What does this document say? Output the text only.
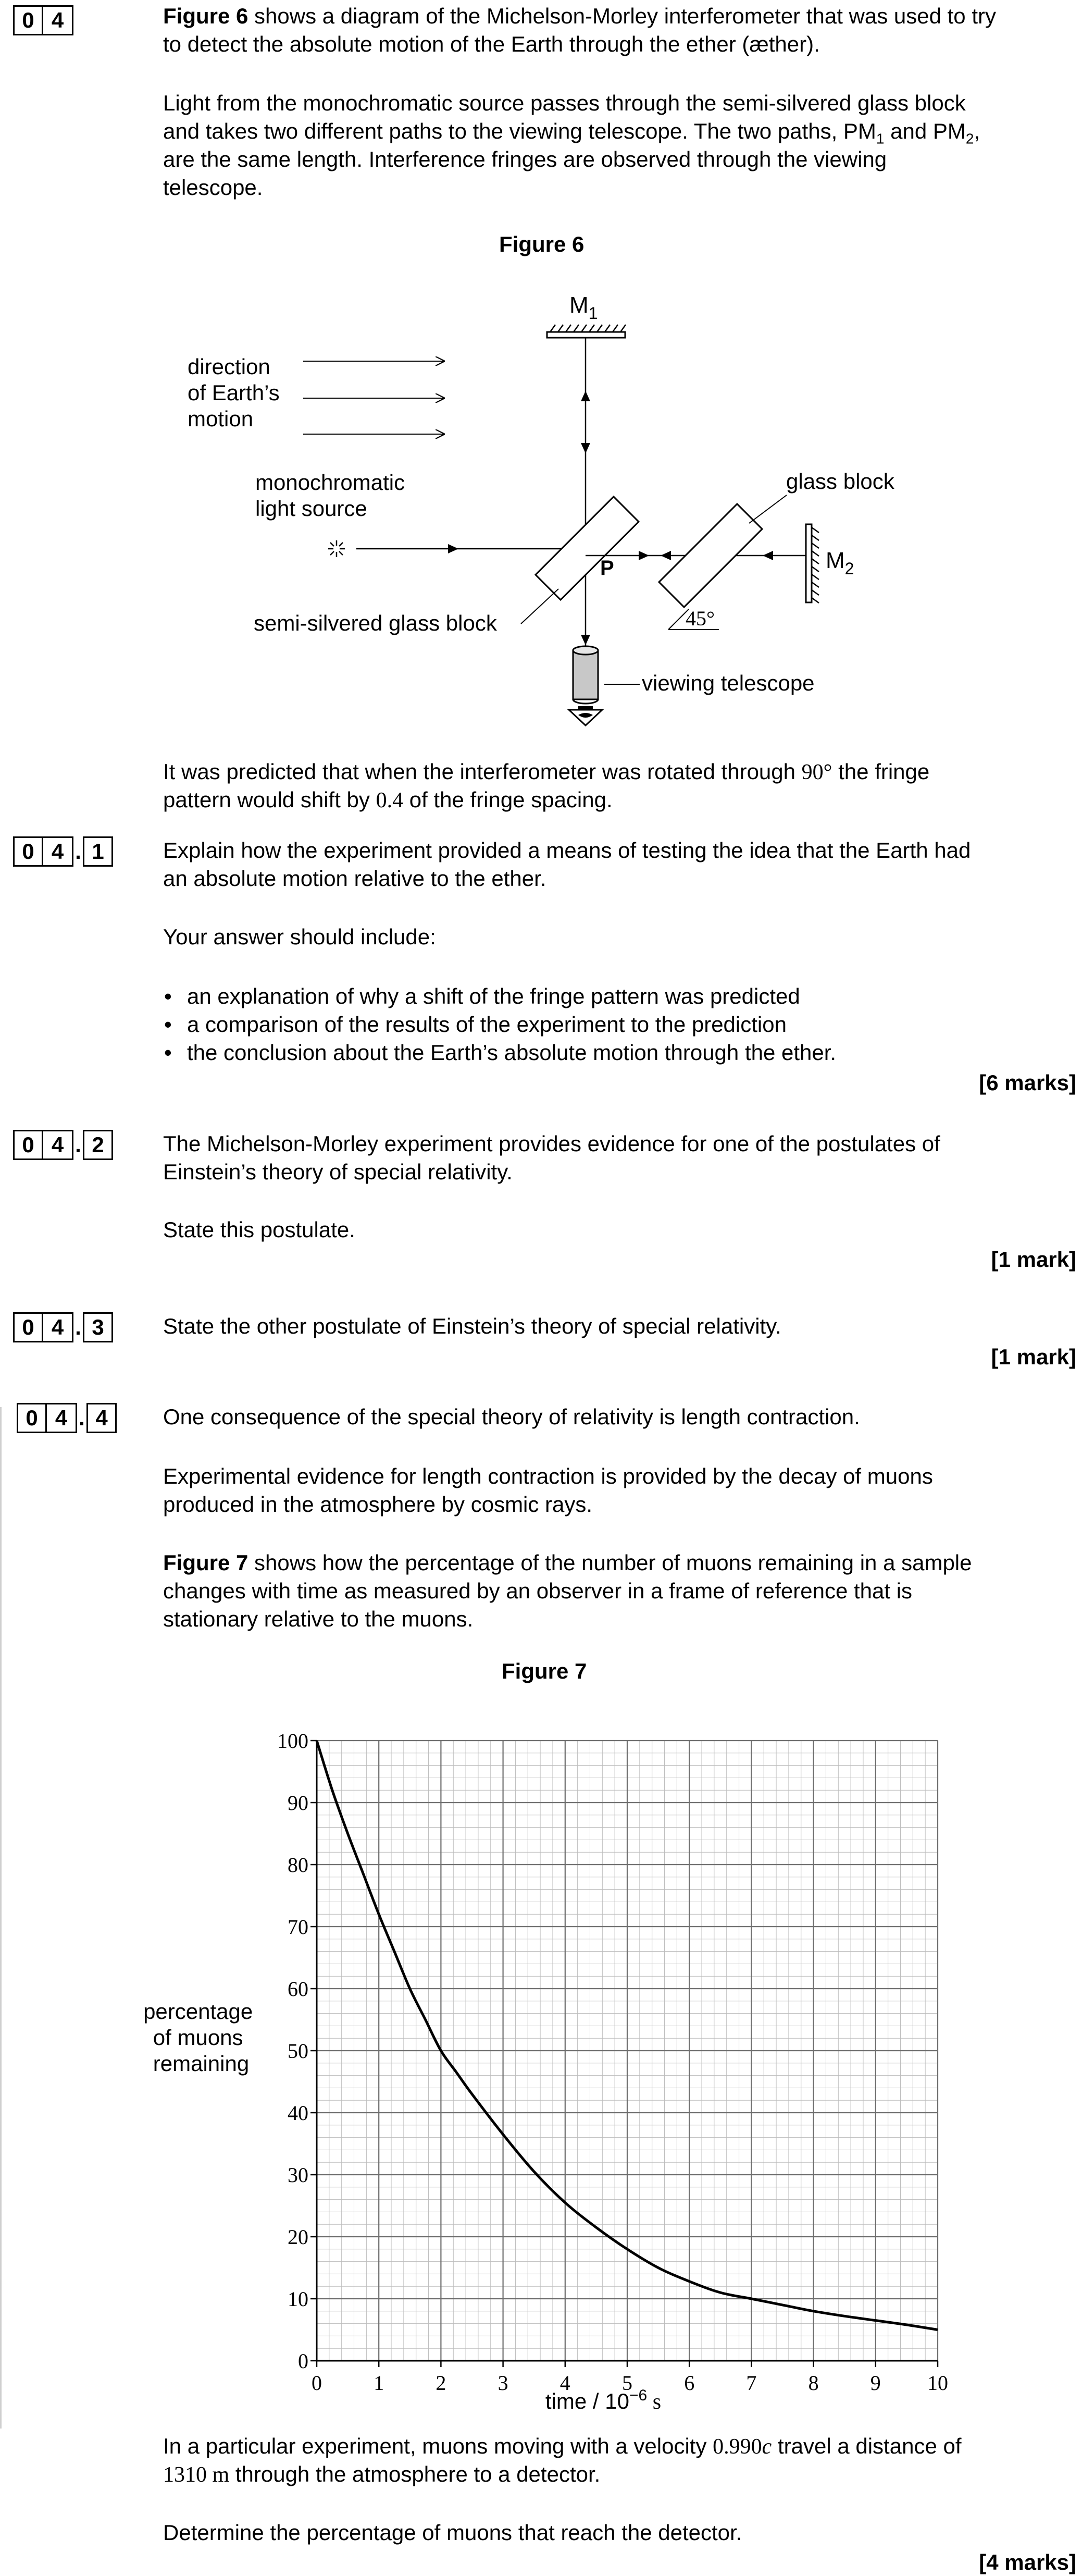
0 4	Figure 6 shows a diagram of the Michelson-Morley interferometer that was used to try
to detect the absolute motion of the Earth through the ether (æther).
Light from the monochromatic source passes through the semi-silvered glass block
and takes two different paths to the viewing telescope. The two paths, $PM_1$ and $PM_2$,
are the same length. Interference fringes are observed through the viewing
telescope.
Figure 6
$M_1$
direction of Earth’s motion
monochromatic light source
P
semi-silvered glass block
glass block
45°
$M_2$
viewing telescope
It was predicted that when the interferometer was rotated through 90° the fringe
pattern would shift by 0.4 of the fringe spacing.
0 4 . 1	Explain how the experiment provided a means of testing the idea that the Earth had
an absolute motion relative to the ether.
Your answer should include:
• an explanation of why a shift of the fringe pattern was predicted
• a comparison of the results of the experiment to the prediction
• the conclusion about the Earth’s absolute motion through the ether.
[6 marks]
0 4 . 2	The Michelson-Morley experiment provides evidence for one of the postulates of
Einstein’s theory of special relativity.
State this postulate.
[1 mark]
0 4 . 3	State the other postulate of Einstein’s theory of special relativity.
[1 mark]
0 4 . 4	One consequence of the special theory of relativity is length contraction.
Experimental evidence for length contraction is provided by the decay of muons
produced in the atmosphere by cosmic rays.
Figure 7 shows how the percentage of the number of muons remaining in a sample
changes with time as measured by an observer in a frame of reference that is
stationary relative to the muons.
Figure 7
0
10
20
30
40
50
60
70
80
90
100
0 1 2 3 4 5 6 7 8 9 10
percentage of muons remaining
time / $10^{-6}$ s
In a particular experiment, muons moving with a velocity 0.990c travel a distance of
1310 m through the atmosphere to a detector.
Determine the percentage of muons that reach the detector.
[4 marks]
